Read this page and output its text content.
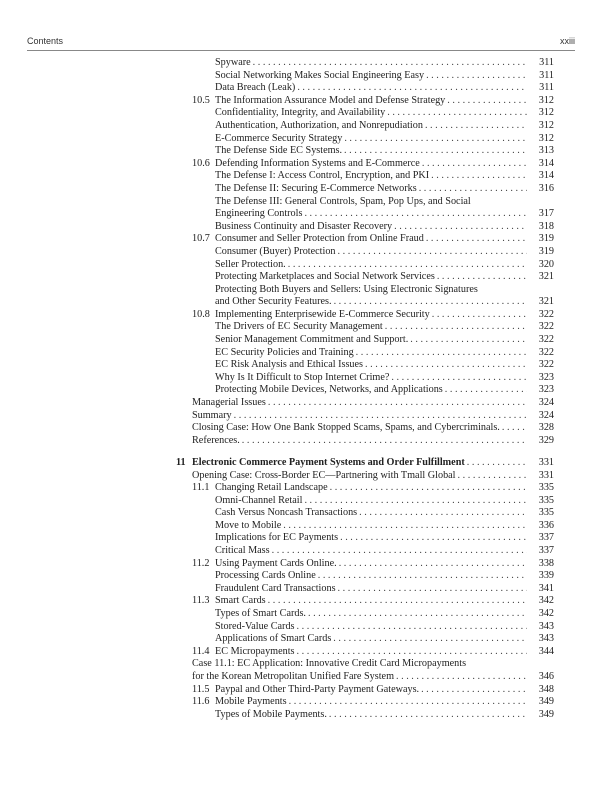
Contents	xxiii
Spyware . . .	311
Social Networking Makes Social Engineering Easy . . .	311
Data Breach (Leak) . . .	311
10.5 The Information Assurance Model and Defense Strategy . . .	312
Confidentiality, Integrity, and Availability . . .	312
Authentication, Authorization, and Nonrepudiation . . .	312
E-Commerce Security Strategy . . .	312
The Defense Side EC Systems. . . .	313
10.6 Defending Information Systems and E-Commerce . . .	314
The Defense I: Access Control, Encryption, and PKI . . .	314
The Defense II: Securing E-Commerce Networks . . .	316
The Defense III: General Controls, Spam, Pop Ups, and Social
Engineering Controls . . .	317
Business Continuity and Disaster Recovery . . .	318
10.7 Consumer and Seller Protection from Online Fraud . . .	319
Consumer (Buyer) Protection . . .	319
Seller Protection. . . .	320
Protecting Marketplaces and Social Network Services . . .	321
Protecting Both Buyers and Sellers: Using Electronic Signatures
and Other Security Features. . . .	321
10.8 Implementing Enterprisewide E-Commerce Security . . .	322
The Drivers of EC Security Management . . .	322
Senior Management Commitment and Support. . . .	322
EC Security Policies and Training . . .	322
EC Risk Analysis and Ethical Issues . . .	322
Why Is It Difficult to Stop Internet Crime? . . .	323
Protecting Mobile Devices, Networks, and Applications . . .	323
Managerial Issues . . .	324
Summary . . .	324
Closing Case: How One Bank Stopped Scams, Spams, and Cybercriminals. . . .	328
References. . . .	329
11 Electronic Commerce Payment Systems and Order Fulfillment . . .	331
Opening Case: Cross-Border EC—Partnering with Tmall Global . . .	331
11.1 Changing Retail Landscape . . .	335
Omni-Channel Retail . . .	335
Cash Versus Noncash Transactions . . .	335
Move to Mobile . . .	336
Implications for EC Payments . . .	337
Critical Mass . . .	337
11.2 Using Payment Cards Online. . . .	338
Processing Cards Online . . .	339
Fraudulent Card Transactions . . .	341
11.3 Smart Cards . . .	342
Types of Smart Cards. . . .	342
Stored-Value Cards . . .	343
Applications of Smart Cards . . .	343
11.4 EC Micropayments . . .	344
Case 11.1: EC Application: Innovative Credit Card Micropayments
for the Korean Metropolitan Unified Fare System . . .	346
11.5 Paypal and Other Third-Party Payment Gateways. . . .	348
11.6 Mobile Payments . . .	349
Types of Mobile Payments. . . .	349
